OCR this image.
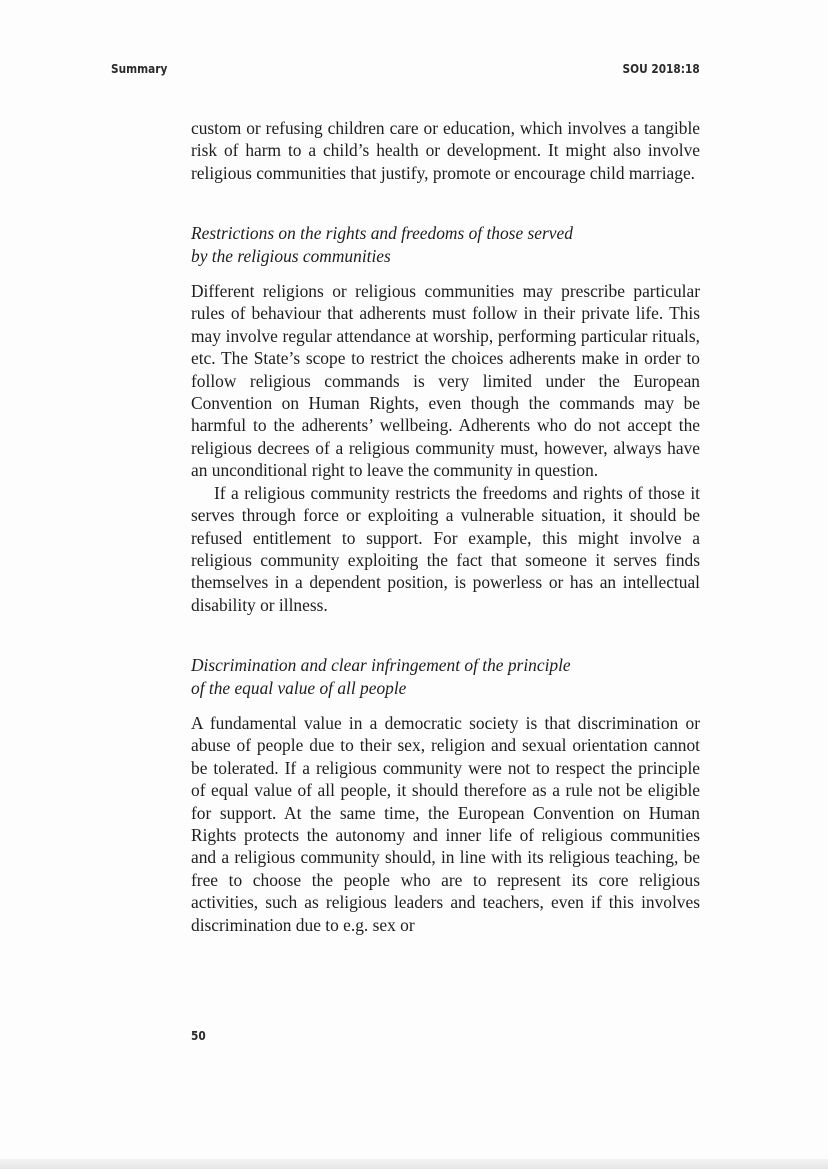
Summary	SOU 2018:18

custom or refusing children care or education, which involves a tangible risk of harm to a child’s health or development. It might also involve religious communities that justify, promote or encourage child marriage.

Restrictions on the rights and freedoms of those served
by the religious communities

Different religions or religious communities may prescribe particular rules of behaviour that adherents must follow in their private life. This may involve regular attendance at worship, performing particular rituals, etc. The State’s scope to restrict the choices adherents make in order to follow religious commands is very limited under the European Convention on Human Rights, even though the commands may be harmful to the adherents’ wellbeing. Adherents who do not accept the religious decrees of a religious community must, however, always have an unconditional right to leave the community in question.

If a religious community restricts the freedoms and rights of those it serves through force or exploiting a vulnerable situation, it should be refused entitlement to support. For example, this might involve a religious community exploiting the fact that someone it serves finds themselves in a dependent position, is powerless or has an intellectual disability or illness.

Discrimination and clear infringement of the principle
of the equal value of all people

A fundamental value in a democratic society is that discrimination or abuse of people due to their sex, religion and sexual orientation cannot be tolerated. If a religious community were not to respect the principle of equal value of all people, it should therefore as a rule not be eligible for support. At the same time, the European Convention on Human Rights protects the autonomy and inner life of religious communities and a religious community should, in line with its religious teaching, be free to choose the people who are to represent its core religious activities, such as religious leaders and teachers, even if this involves discrimination due to e.g. sex or

50
